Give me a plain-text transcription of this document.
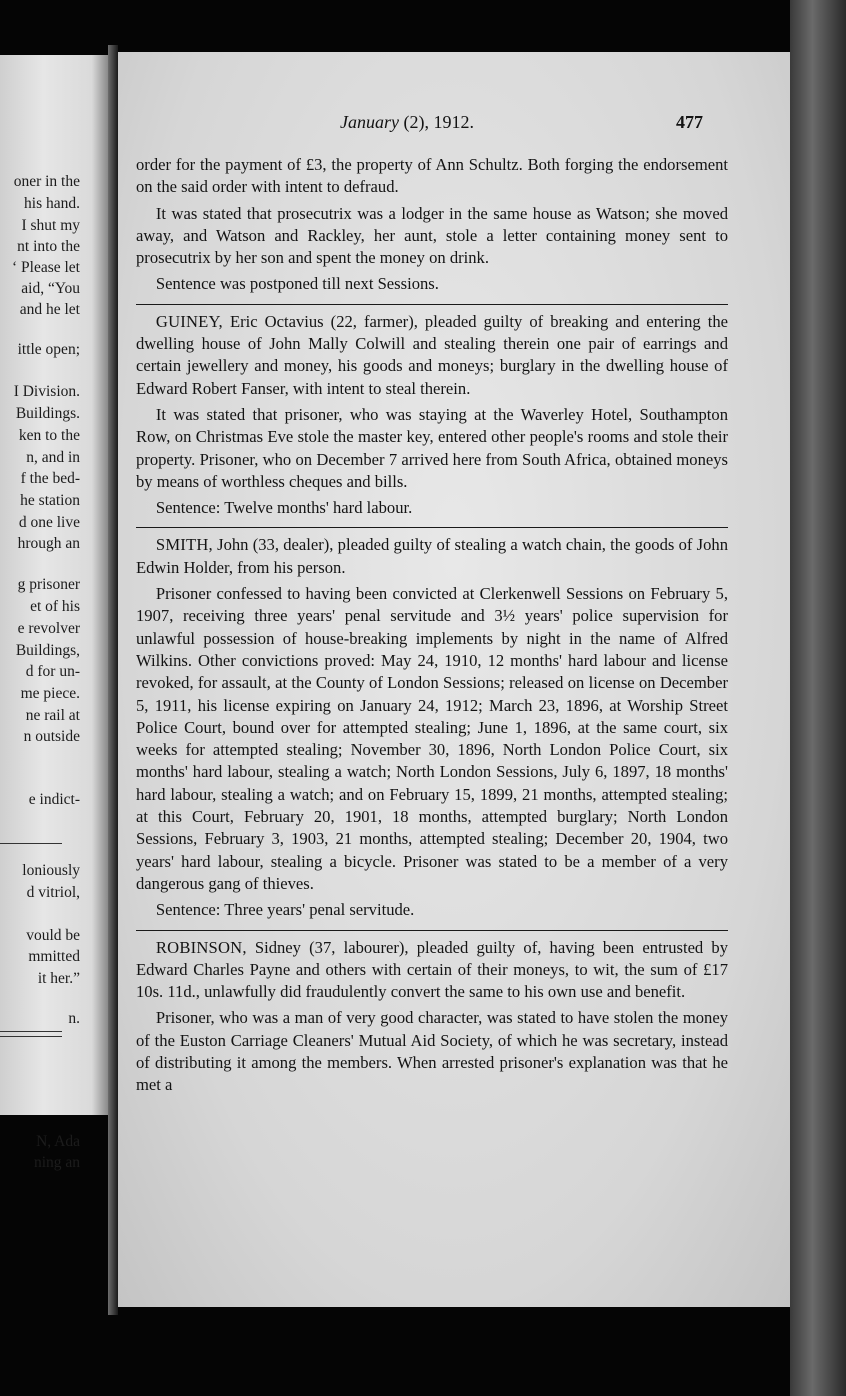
oner in the
his hand.
I shut my
nt into the
‘ Please let
aid, “You
and he let
ittle open;
I Division.
Buildings.
ken to the
n, and in
f the bed-
he station
d one live
hrough an
g prisoner
et of his
e revolver
Buildings,
d for un-
me piece.
ne rail at
n outside
e indict-
loniously
d vitriol,
vould be
mmitted
it her.”
n.
N, Ada
ning an
January (2), 1912.	477

order for the payment of £3, the property of Ann Schultz. Both forging the endorsement on the said order with intent to defraud.

It was stated that prosecutrix was a lodger in the same house as Watson; she moved away, and Watson and Rackley, her aunt, stole a letter containing money sent to prosecutrix by her son and spent the money on drink.

Sentence was postponed till next Sessions.

GUINEY, Eric Octavius (22, farmer), pleaded guilty of breaking and entering the dwelling house of John Mally Colwill and stealing therein one pair of earrings and certain jewellery and money, his goods and moneys; burglary in the dwelling house of Edward Robert Fanser, with intent to steal therein.

It was stated that prisoner, who was staying at the Waverley Hotel, Southampton Row, on Christmas Eve stole the master key, entered other people's rooms and stole their property. Prisoner, who on December 7 arrived here from South Africa, obtained moneys by means of worthless cheques and bills.

Sentence: Twelve months' hard labour.

SMITH, John (33, dealer), pleaded guilty of stealing a watch chain, the goods of John Edwin Holder, from his person.

Prisoner confessed to having been convicted at Clerkenwell Sessions on February 5, 1907, receiving three years' penal servitude and 3½ years' police supervision for unlawful possession of house-breaking implements by night in the name of Alfred Wilkins. Other convictions proved: May 24, 1910, 12 months' hard labour and license revoked, for assault, at the County of London Sessions; released on license on December 5, 1911, his license expiring on January 24, 1912; March 23, 1896, at Worship Street Police Court, bound over for attempted stealing; June 1, 1896, at the same court, six weeks for attempted stealing; November 30, 1896, North London Police Court, six months' hard labour, stealing a watch; North London Sessions, July 6, 1897, 18 months' hard labour, stealing a watch; and on February 15, 1899, 21 months, attempted stealing; at this Court, February 20, 1901, 18 months, attempted burglary; North London Sessions, February 3, 1903, 21 months, attempted stealing; December 20, 1904, two years' hard labour, stealing a bicycle. Prisoner was stated to be a member of a very dangerous gang of thieves.

Sentence: Three years' penal servitude.

ROBINSON, Sidney (37, labourer), pleaded guilty of, having been entrusted by Edward Charles Payne and others with certain of their moneys, to wit, the sum of £17 10s. 11d., unlawfully did fraudulently convert the same to his own use and benefit.

Prisoner, who was a man of very good character, was stated to have stolen the money of the Euston Carriage Cleaners' Mutual Aid Society, of which he was secretary, instead of distributing it among the members. When arrested prisoner's explanation was that he met a
